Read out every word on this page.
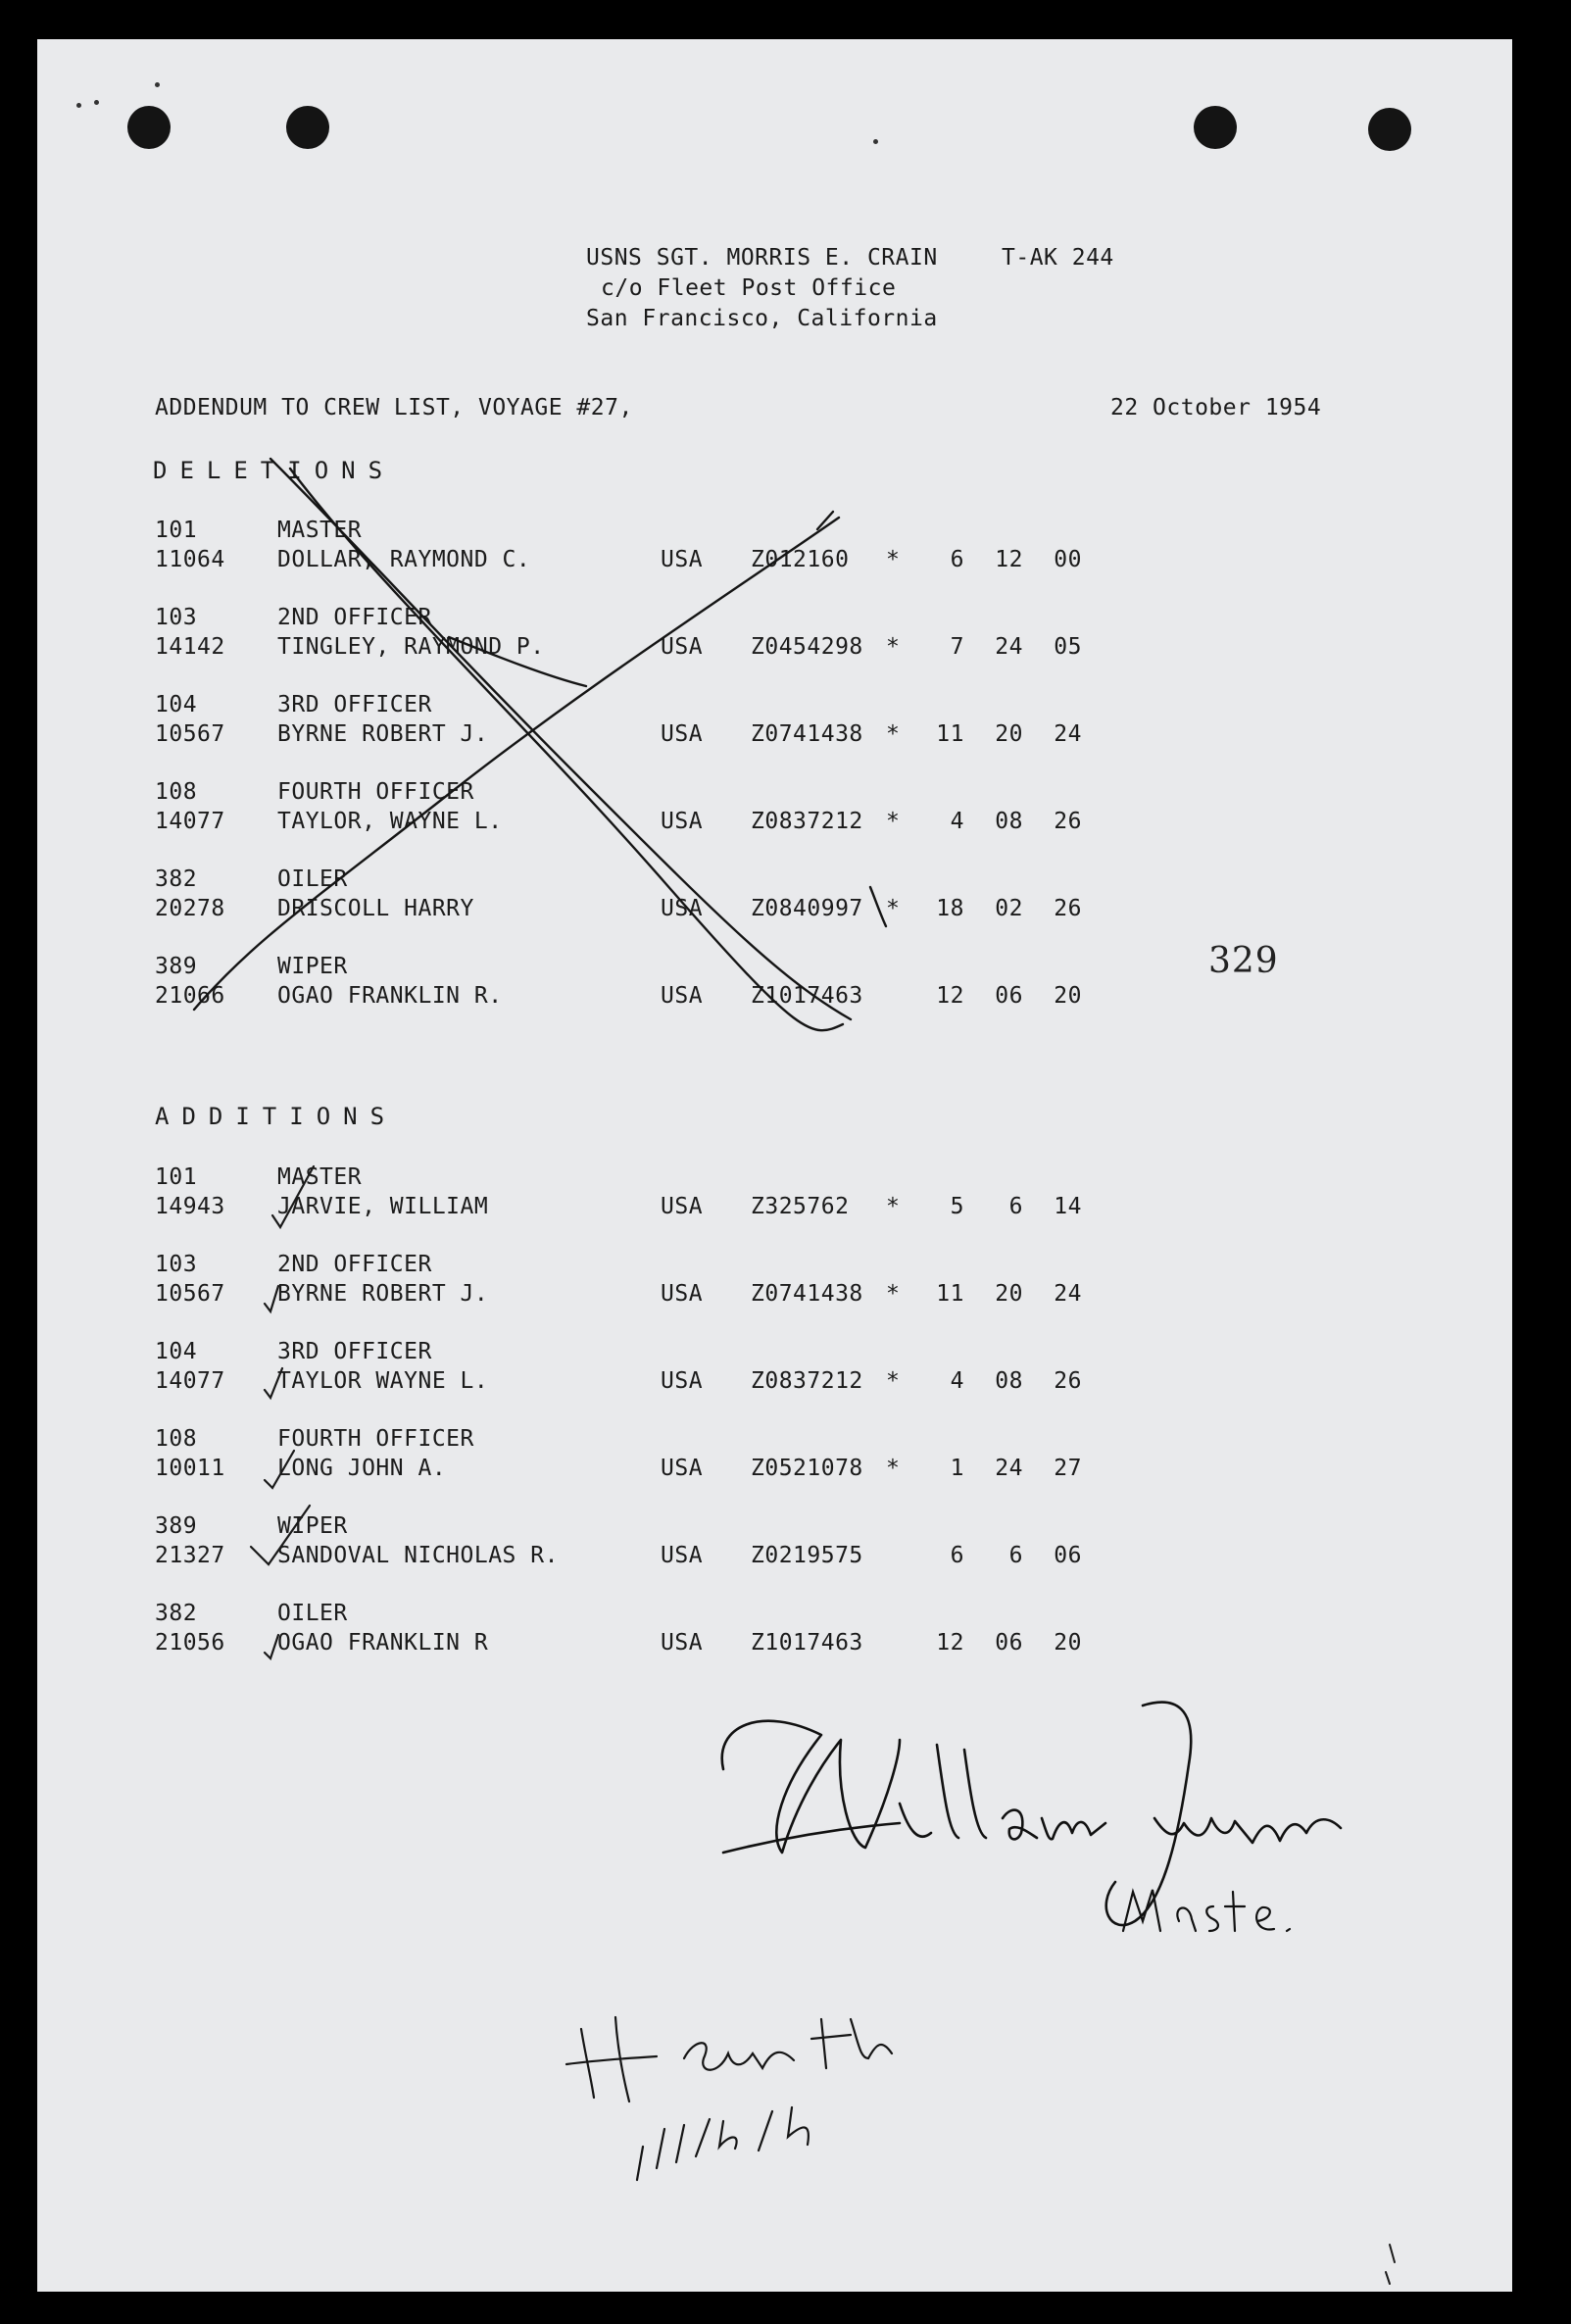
USNS SGT. MORRIS E. CRAIN	T-AK 244
c/o Fleet Post Office
San Francisco, California
ADDENDUM TO CREW LIST, VOYAGE #27,	22 October 1954
DELETIONS
101	MASTER
11064 DOLLAR, RAYMOND C.	USA Z012160 *	6	12	00
103	2ND OFFICER
14142 TINGLEY, RAYMOND P.	USA Z0454298 *	7	24	05
104	3RD OFFICER
10567 BYRNE ROBERT J.	USA Z0741438 *	11	20	24
108	FOURTH OFFICER
14077 TAYLOR, WAYNE L.	USA Z0837212 *	4	08	26
382	OILER
20278 DRISCOLL HARRY	USA Z0840997 *	18	02	26
389	WIPER
21066 OGAO FRANKLIN R.	USA Z1017463	12	06	20
329
ADDITIONS
101	MASTER
14943 JARVIE, WILLIAM	USA Z325762 *	5	6	14
103	2ND OFFICER
10567 BYRNE ROBERT J.	USA Z0741438 *	11	20	24
104	3RD OFFICER
14077 TAYLOR WAYNE L.	USA Z0837212 *	4	08	26
108	FOURTH OFFICER
10011 LONG JOHN A.	USA Z0521078 *	1	24	27
389	WIPER
21327 SANDOVAL NICHOLAS R.	USA Z0219575	6	6	06
382	OILER
21056 OGAO FRANKLIN R	USA Z1017463	12	06	20
